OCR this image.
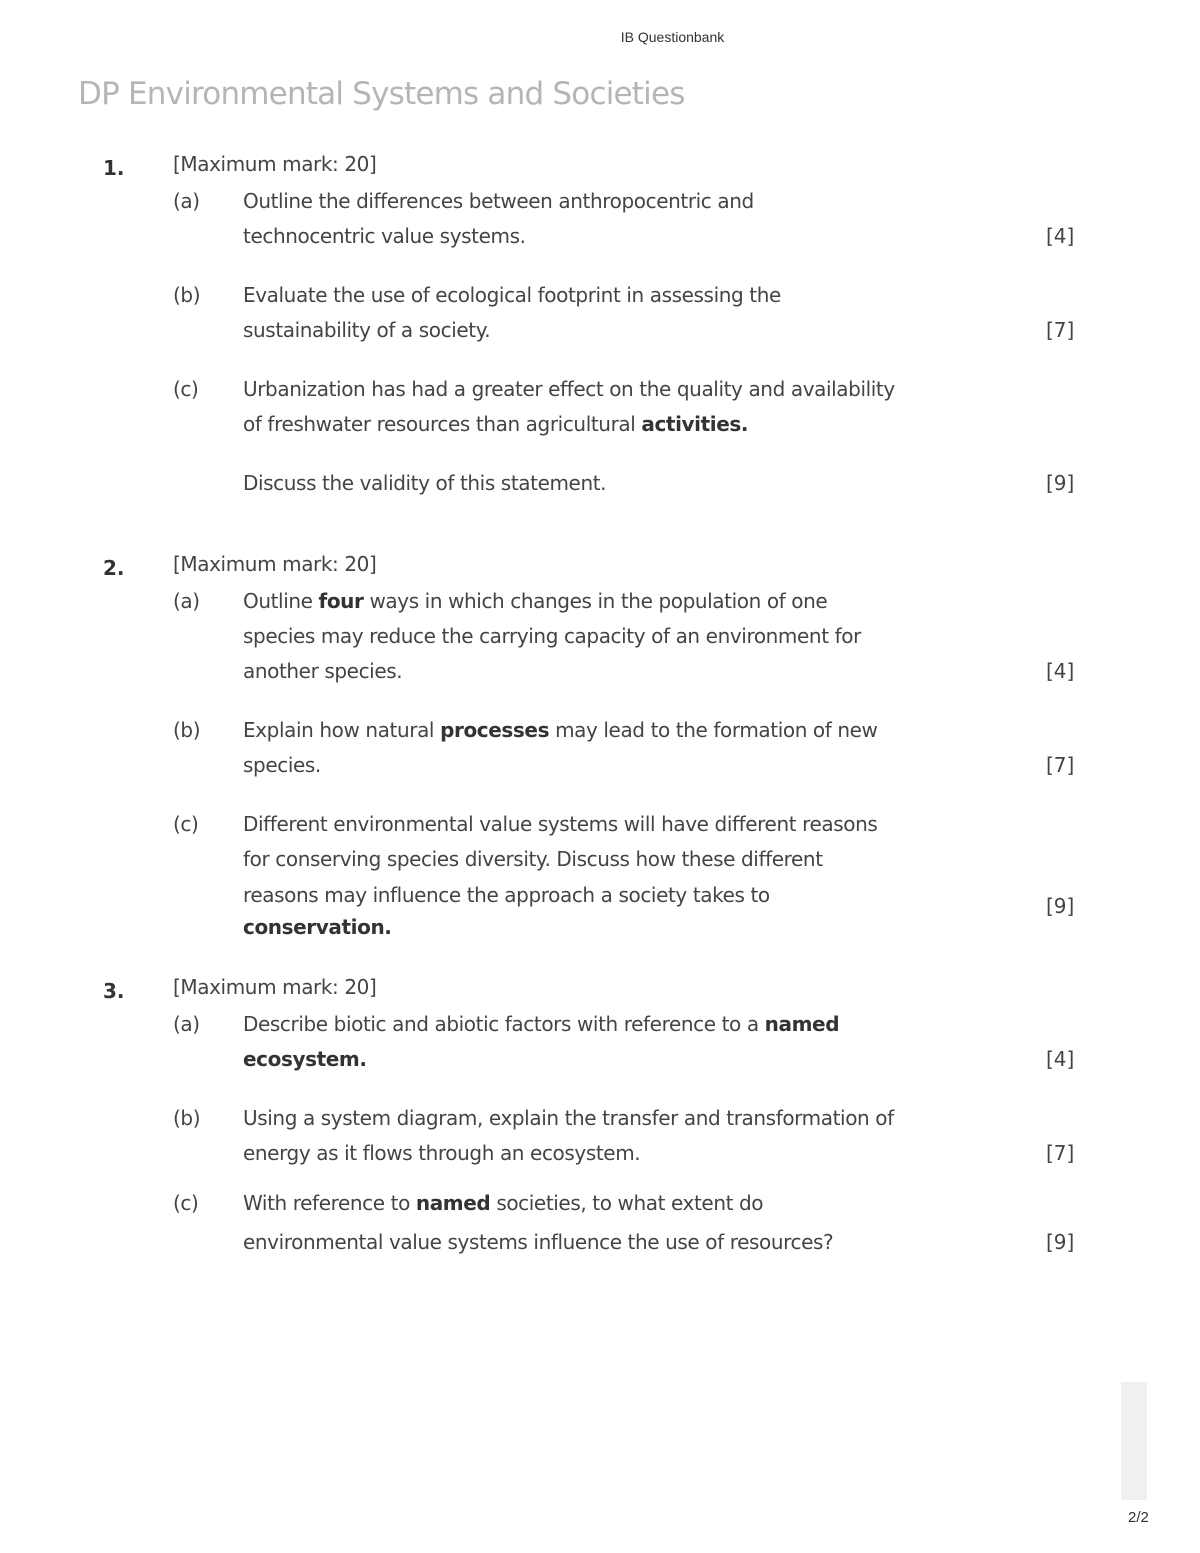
IB Questionbank
DP Environmental Systems and Societies
1. [Maximum mark: 20]
(a) Outline the differences between anthropocentric and
technocentric value systems.	[4]
(b) Evaluate the use of ecological footprint in assessing the
sustainability of a society.	[7]
(c) Urbanization has had a greater effect on the quality and availability
of freshwater resources than agricultural activities.
Discuss the validity of this statement.	[9]
2. [Maximum mark: 20]
(a) Outline four ways in which changes in the population of one
species may reduce the carrying capacity of an environment for
another species.	[4]
(b) Explain how natural processes may lead to the formation of new
species.	[7]
(c) Different environmental value systems will have different reasons
for conserving species diversity. Discuss how these different
reasons may influence the approach a society takes to
conservation.
[9]
3. [Maximum mark: 20]
(a) Describe biotic and abiotic factors with reference to a named
ecosystem.	[4]
(b) Using a system diagram, explain the transfer and transformation of
energy as it flows through an ecosystem.	[7]
(c) With reference to named societies, to what extent do
environmental value systems influence the use of resources?	[9]
2/2
